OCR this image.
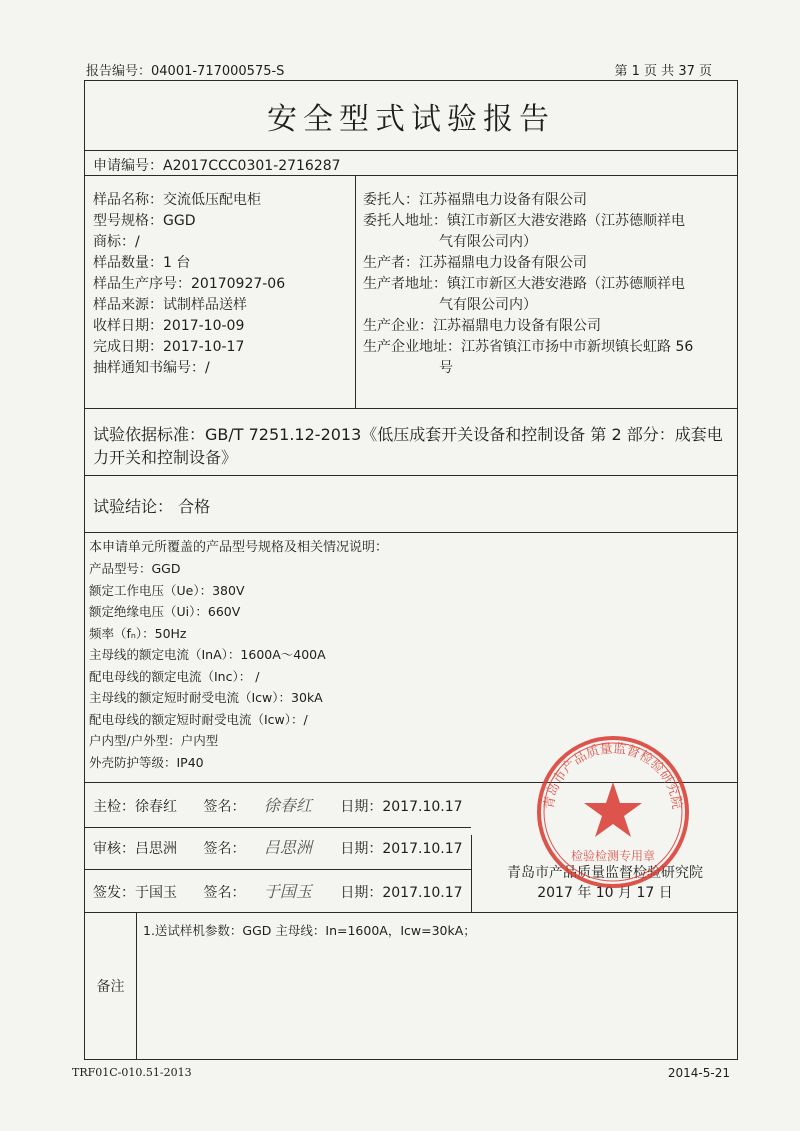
报告编号：04001-717000575-S	第 1 页 共 37 页
安全型式试验报告
申请编号：A2017CCC0301-2716287
样品名称：交流低压配电柜
型号规格：GGD
商标：/
样品数量：1 台
样品生产序号：20170927-06
样品来源：试制样品送样
收样日期：2017-10-09
完成日期：2017-10-17
抽样通知书编号：/
委托人：江苏福鼎电力设备有限公司
委托人地址：镇江市新区大港安港路（江苏德顺祥电
气有限公司内）
生产者：江苏福鼎电力设备有限公司
生产者地址：镇江市新区大港安港路（江苏德顺祥电
气有限公司内）
生产企业：江苏福鼎电力设备有限公司
生产企业地址：江苏省镇江市扬中市新坝镇长虹路 56
号
试验依据标准：GB/T 7251.12-2013《低压成套开关设备和控制设备 第 2 部分：成套电力开关和控制设备》
试验结论： 合格
本申请单元所覆盖的产品型号规格及相关情况说明：
产品型号：GGD
额定工作电压（Ue）：380V
额定绝缘电压（Ui）：660V
频率（fₙ）：50Hz
主母线的额定电流（InA）：1600A～400A
配电母线的额定电流（Inc）： /
主母线的额定短时耐受电流（Icw）：30kA
配电母线的额定短时耐受电流（Icw）：/
户内型/户外型：户内型
外壳防护等级：IP40
主检：徐春红 签名： 徐春红 日期：2017.10.17
审核：吕思洲 签名： 吕思洲 日期：2017.10.17
签发：于国玉 签名： 于国玉 日期：2017.10.17
青岛市产品质量监督检验研究院
2017 年 10 月 17 日
备注
1.送试样机参数：GGD 主母线：In=1600A，Icw=30kA；
青岛市产品质量监督检验研究院
检验检测专用章
TRF01C-010.51-2013	2014-5-21
